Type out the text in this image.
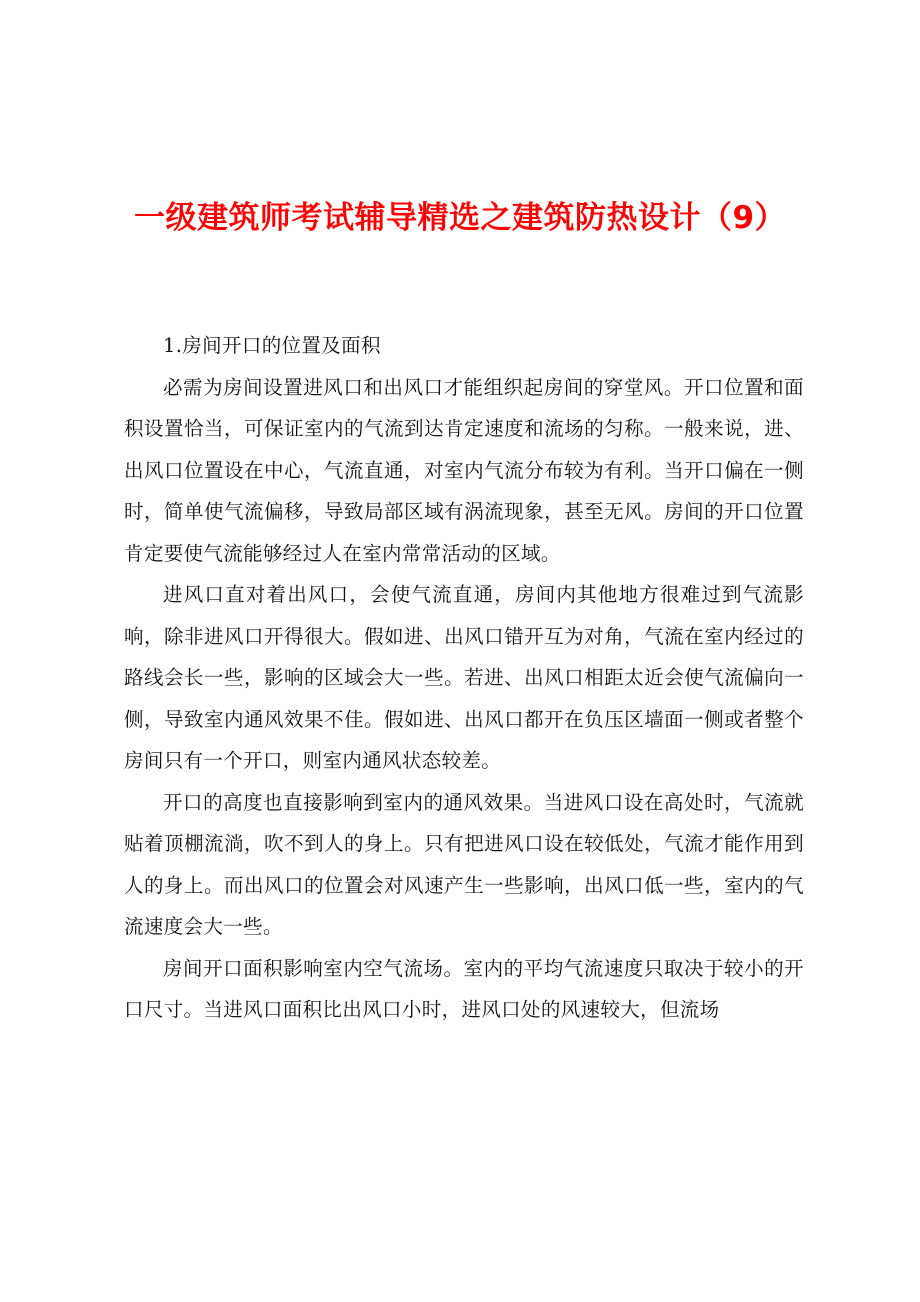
一级建筑师考试辅导精选之建筑防热设计（9）

1.房间开口的位置及面积

必需为房间设置进风口和出风口才能组织起房间的穿堂风。开口位置和面积设置恰当，可保证室内的气流到达肯定速度和流场的匀称。一般来说，进、出风口位置设在中心，气流直通，对室内气流分布较为有利。当开口偏在一侧时，简单使气流偏移，导致局部区域有涡流现象，甚至无风。房间的开口位置肯定要使气流能够经过人在室内常常活动的区域。

进风口直对着出风口，会使气流直通，房间内其他地方很难过到气流影响，除非进风口开得很大。假如进、出风口错开互为对角，气流在室内经过的路线会长一些，影响的区域会大一些。若进、出风口相距太近会使气流偏向一侧，导致室内通风效果不佳。假如进、出风口都开在负压区墙面一侧或者整个房间只有一个开口，则室内通风状态较差。

开口的高度也直接影响到室内的通风效果。当进风口设在高处时，气流就贴着顶棚流淌，吹不到人的身上。只有把进风口设在较低处，气流才能作用到人的身上。而出风口的位置会对风速产生一些影响，出风口低一些，室内的气流速度会大一些。

房间开口面积影响室内空气流场。室内的平均气流速度只取决于较小的开口尺寸。当进风口面积比出风口小时，进风口处的风速较大，但流场
